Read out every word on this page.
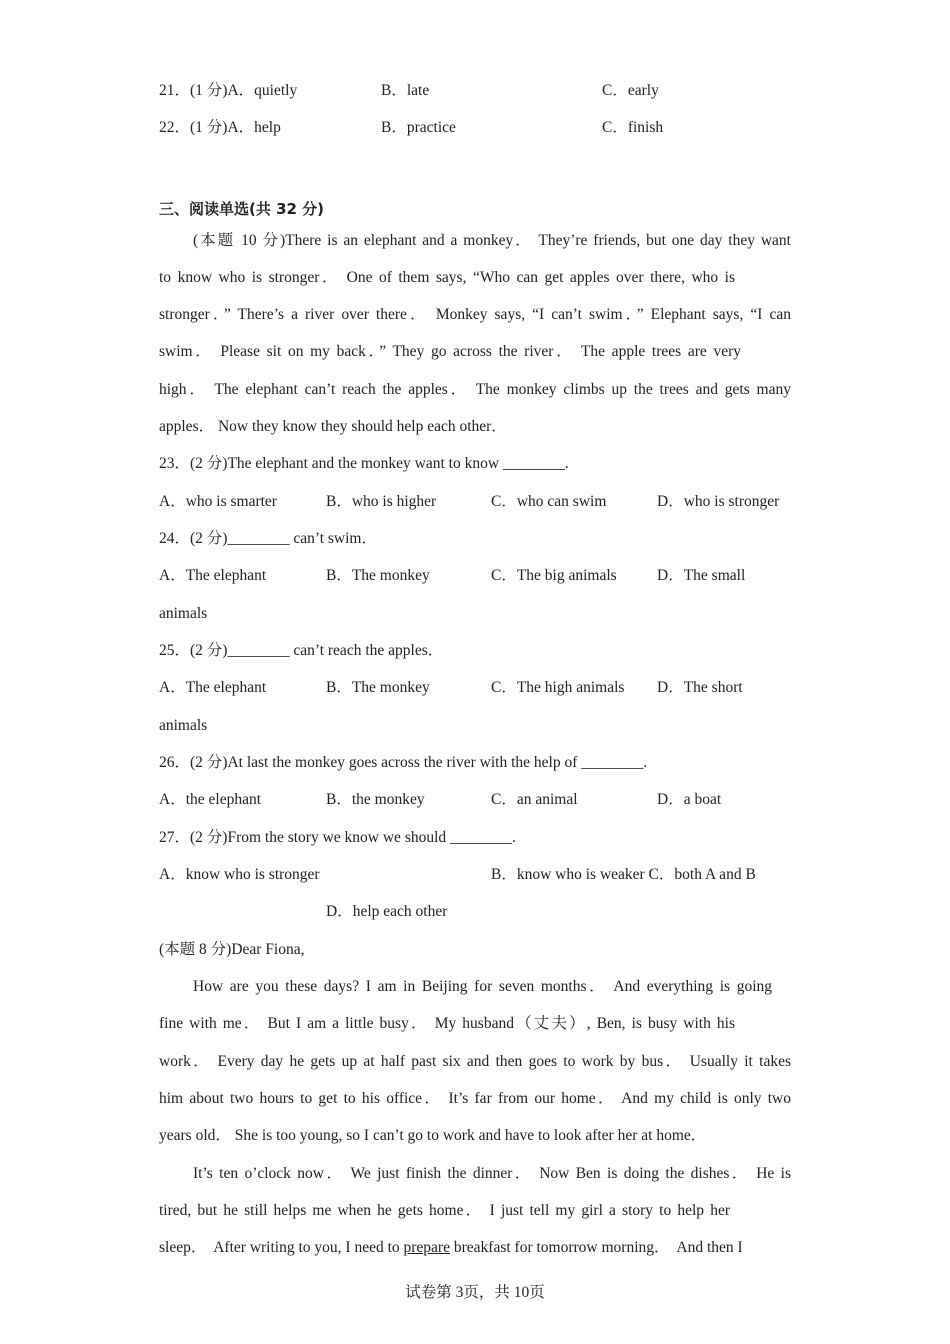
21．(1 分)A．quietly	B．late	C．early
22．(1 分)A．help	B．practice	C．finish
三、阅读单选(共 32 分)
(本题 10 分)There is an elephant and a monkey． They’re friends, but one day they want
to know who is stronger． One of them says, “Who can get apples over there, who is
stronger．” There’s a river over there． Monkey says, “I can’t swim．” Elephant says, “I can
swim． Please sit on my back．” They go across the river． The apple trees are very
high． The elephant can’t reach the apples． The monkey climbs up the trees and gets many
apples． Now they know they should help each other．
23．(2 分)The elephant and the monkey want to know ________.
A．who is smarter	B．who is higher	C．who can swim	D．who is stronger
24．(2 分)________ can’t swim．
A．The elephant	B．The monkey	C．The big animals	D．The small
animals
25．(2 分)________ can’t reach the apples．
A．The elephant	B．The monkey	C．The high animals D．The short
animals
26．(2 分)At last the monkey goes across the river with the help of ________.
A．the elephant	B．the monkey	C．an animal	D．a boat
27．(2 分)From the story we know we should ________.
A．know who is stronger	B．know who is weaker C．both A and B
D．help each other
(本题 8 分)Dear Fiona,
How are you these days? I am in Beijing for seven months． And everything is going
fine with me． But I am a little busy． My husband（丈夫）, Ben, is busy with his
work． Every day he gets up at half past six and then goes to work by bus． Usually it takes
him about two hours to get to his office． It’s far from our home． And my child is only two
years old． She is too young, so I can’t go to work and have to look after her at home．
It’s ten o’clock now． We just finish the dinner． Now Ben is doing the dishes． He is
tired, but he still helps me when he gets home． I just tell my girl a story to help her
sleep．  After writing to you, I need to prepare breakfast for tomorrow morning．  And then I
试卷第 3页，共 10页
